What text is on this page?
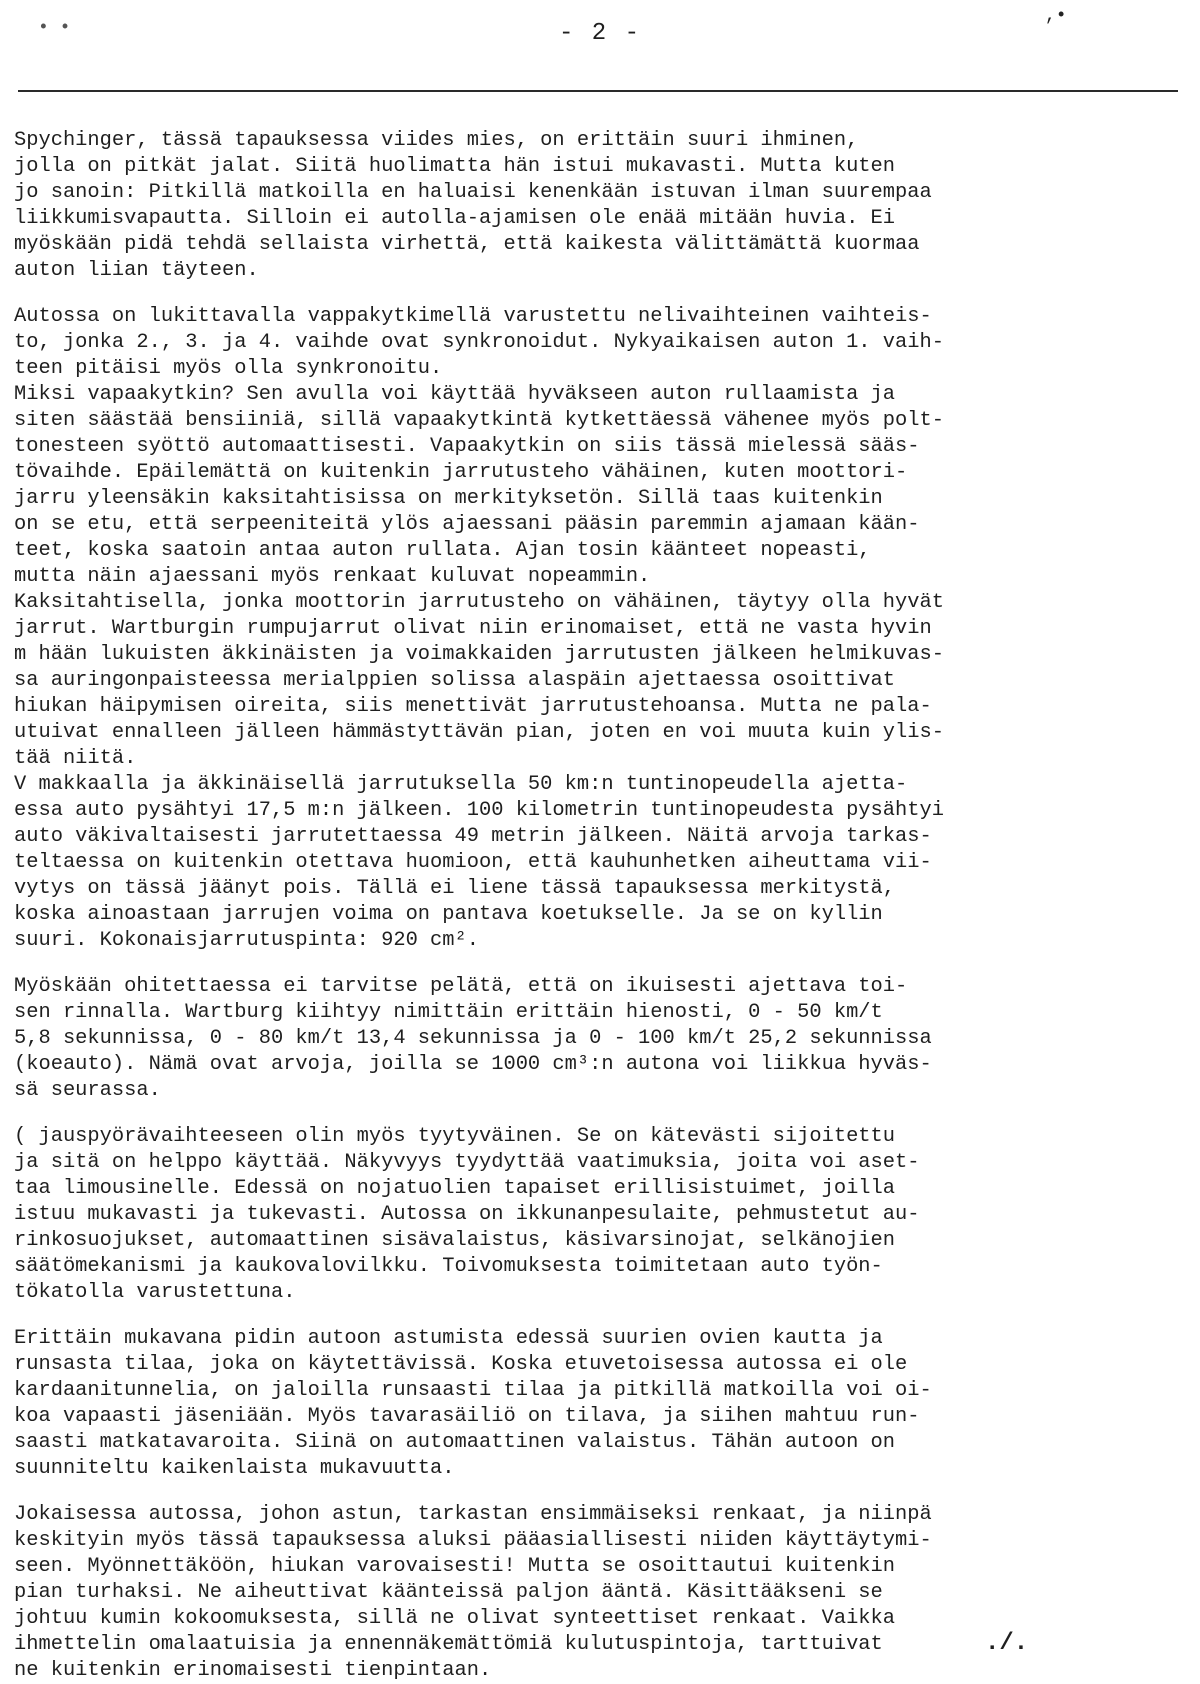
• •
,•
- 2 -
Spychinger, tässä tapauksessa viides mies, on erittäin suuri ihminen,
jolla on pitkät jalat. Siitä huolimatta hän istui mukavasti. Mutta kuten
jo sanoin: Pitkillä matkoilla en haluaisi kenenkään istuvan ilman suurempaa
liikkumisvapautta. Silloin ei autolla-ajamisen ole enää mitään huvia. Ei
myöskään pidä tehdä sellaista virhettä, että kaikesta välittämättä kuormaa
auton liian täyteen.
Autossa on lukittavalla vappakytkimellä varustettu nelivaihteinen vaihteis-
to, jonka 2., 3. ja 4. vaihde ovat synkronoidut. Nykyaikaisen auton 1. vaih-
teen pitäisi myös olla synkronoitu.
Miksi vapaakytkin? Sen avulla voi käyttää hyväkseen auton rullaamista ja
siten säästää bensiiniä, sillä vapaakytkintä kytkettäessä vähenee myös polt-
tonesteen syöttö automaattisesti. Vapaakytkin on siis tässä mielessä sääs-
tövaihde. Epäilemättä on kuitenkin jarrutusteho vähäinen, kuten moottori-
jarru yleensäkin kaksitahtisissa on merkityksetön. Sillä taas kuitenkin
on se etu, että serpeeniteitä ylös ajaessani pääsin paremmin ajamaan kään-
teet, koska saatoin antaa auton rullata. Ajan tosin käänteet nopeasti,
mutta näin ajaessani myös renkaat kuluvat nopeammin.
Kaksitahtisella, jonka moottorin jarrutusteho on vähäinen, täytyy olla hyvät
jarrut. Wartburgin rumpujarrut olivat niin erinomaiset, että ne vasta hyvin
m hään lukuisten äkkinäisten ja voimakkaiden jarrutusten jälkeen helmikuvas-
sa auringonpaisteessa merialppien solissa alaspäin ajettaessa osoittivat
hiukan häipymisen oireita, siis menettivät jarrutustehoansa. Mutta ne pala-
utuivat ennalleen jälleen hämmästyttävän pian, joten en voi muuta kuin ylis-
tää niitä.
V makkaalla ja äkkinäisellä jarrutuksella 50 km:n tuntinopeudella ajetta-
essa auto pysähtyi 17,5 m:n jälkeen. 100 kilometrin tuntinopeudesta pysähtyi
auto väkivaltaisesti jarrutettaessa 49 metrin jälkeen. Näitä arvoja tarkas-
teltaessa on kuitenkin otettava huomioon, että kauhunhetken aiheuttama vii-
vytys on tässä jäänyt pois. Tällä ei liene tässä tapauksessa merkitystä,
koska ainoastaan jarrujen voima on pantava koetukselle. Ja se on kyllin
suuri. Kokonaisjarrutuspinta: 920 cm².
Myöskään ohitettaessa ei tarvitse pelätä, että on ikuisesti ajettava toi-
sen rinnalla. Wartburg kiihtyy nimittäin erittäin hienosti, 0 - 50 km/t
5,8 sekunnissa, 0 - 80 km/t 13,4 sekunnissa ja 0 - 100 km/t 25,2 sekunnissa
(koeauto). Nämä ovat arvoja, joilla se 1000 cm³:n autona voi liikkua hyväs-
sä seurassa.
( jauspyörävaihteeseen olin myös tyytyväinen. Se on kätevästi sijoitettu
ja sitä on helppo käyttää. Näkyvyys tyydyttää vaatimuksia, joita voi aset-
taa limousinelle. Edessä on nojatuolien tapaiset erillisistuimet, joilla
istuu mukavasti ja tukevasti. Autossa on ikkunanpesulaite, pehmustetut au-
rinkosuojukset, automaattinen sisävalaistus, käsivarsinojat, selkänojien
säätömekanismi ja kaukovalovilkku. Toivomuksesta toimitetaan auto työn-
tökatolla varustettuna.
Erittäin mukavana pidin autoon astumista edessä suurien ovien kautta ja
runsasta tilaa, joka on käytettävissä. Koska etuvetoisessa autossa ei ole
kardaanitunnelia, on jaloilla runsaasti tilaa ja pitkillä matkoilla voi oi-
koa vapaasti jäseniään. Myös tavarasäiliö on tilava, ja siihen mahtuu run-
saasti matkatavaroita. Siinä on automaattinen valaistus. Tähän autoon on
suunniteltu kaikenlaista mukavuutta.
Jokaisessa autossa, johon astun, tarkastan ensimmäiseksi renkaat, ja niinpä
keskityin myös tässä tapauksessa aluksi pääasiallisesti niiden käyttäytymi-
seen. Myönnettäköön, hiukan varovaisesti! Mutta se osoittautui kuitenkin
pian turhaksi. Ne aiheuttivat käänteissä paljon ääntä. Käsittääkseni se
johtuu kumin kokoomuksesta, sillä ne olivat synteettiset renkaat. Vaikka
ihmettelin omalaatuisia ja ennennäkemättömiä kulutuspintoja, tarttuivat
ne kuitenkin erinomaisesti tienpintaan.
./.
